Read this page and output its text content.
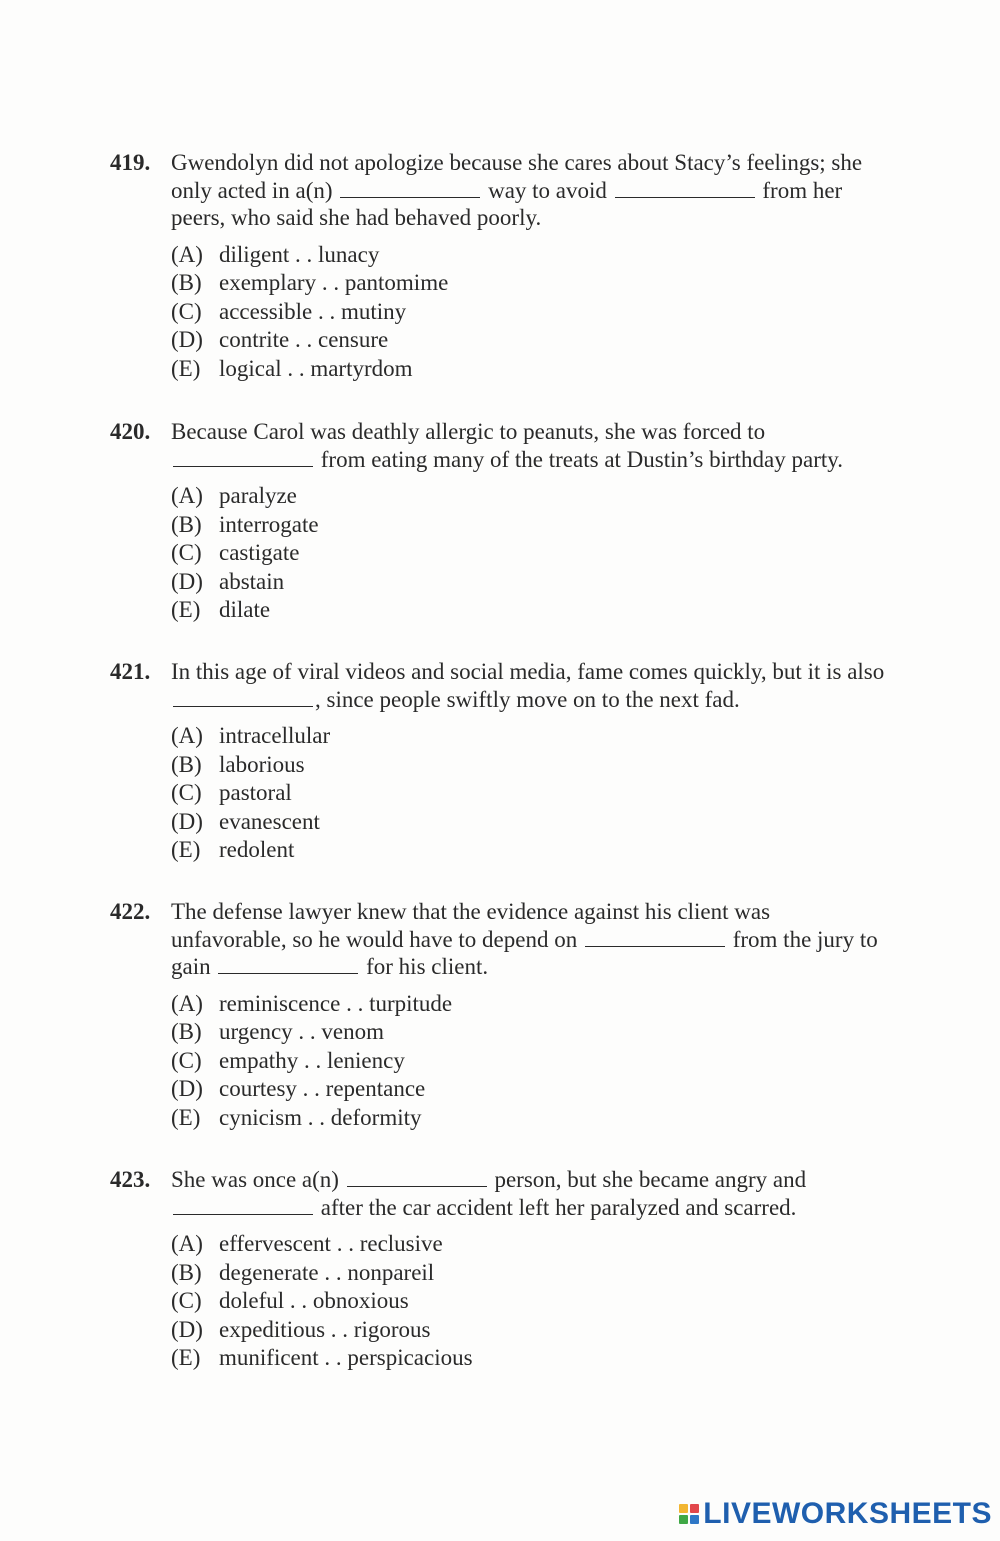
419. Gwendolyn did not apologize because she cares about Stacy’s feelings; she only acted in a(n)	way to avoid	from her peers, who said she had behaved poorly.
(A) diligent . . lunacy
(B) exemplary . . pantomime
(C) accessible . . mutiny
(D) contrite . . censure
(E) logical . . martyrdom
420. Because Carol was deathly allergic to peanuts, she was forced to  from eating many of the treats at Dustin’s birthday party.
(A) paralyze
(B) interrogate
(C) castigate
(D) abstain
(E) dilate
421. In this age of viral videos and social media, fame comes quickly, but it is also , since people swiftly move on to the next fad.
(A) intracellular
(B) laborious
(C) pastoral
(D) evanescent
(E) redolent
422. The defense lawyer knew that the evidence against his client was unfavorable, so he would have to depend on	from the jury to gain	for his client.
(A) reminiscence . . turpitude
(B) urgency . . venom
(C) empathy . . leniency
(D) courtesy . . repentance
(E) cynicism . . deformity
423. She was once a(n)	person, but she became angry and  after the car accident left her paralyzed and scarred.
(A) effervescent . . reclusive
(B) degenerate . . nonpareil
(C) doleful . . obnoxious
(D) expeditious . . rigorous
(E) munificent . . perspicacious
LIVEWORKSHEETS
